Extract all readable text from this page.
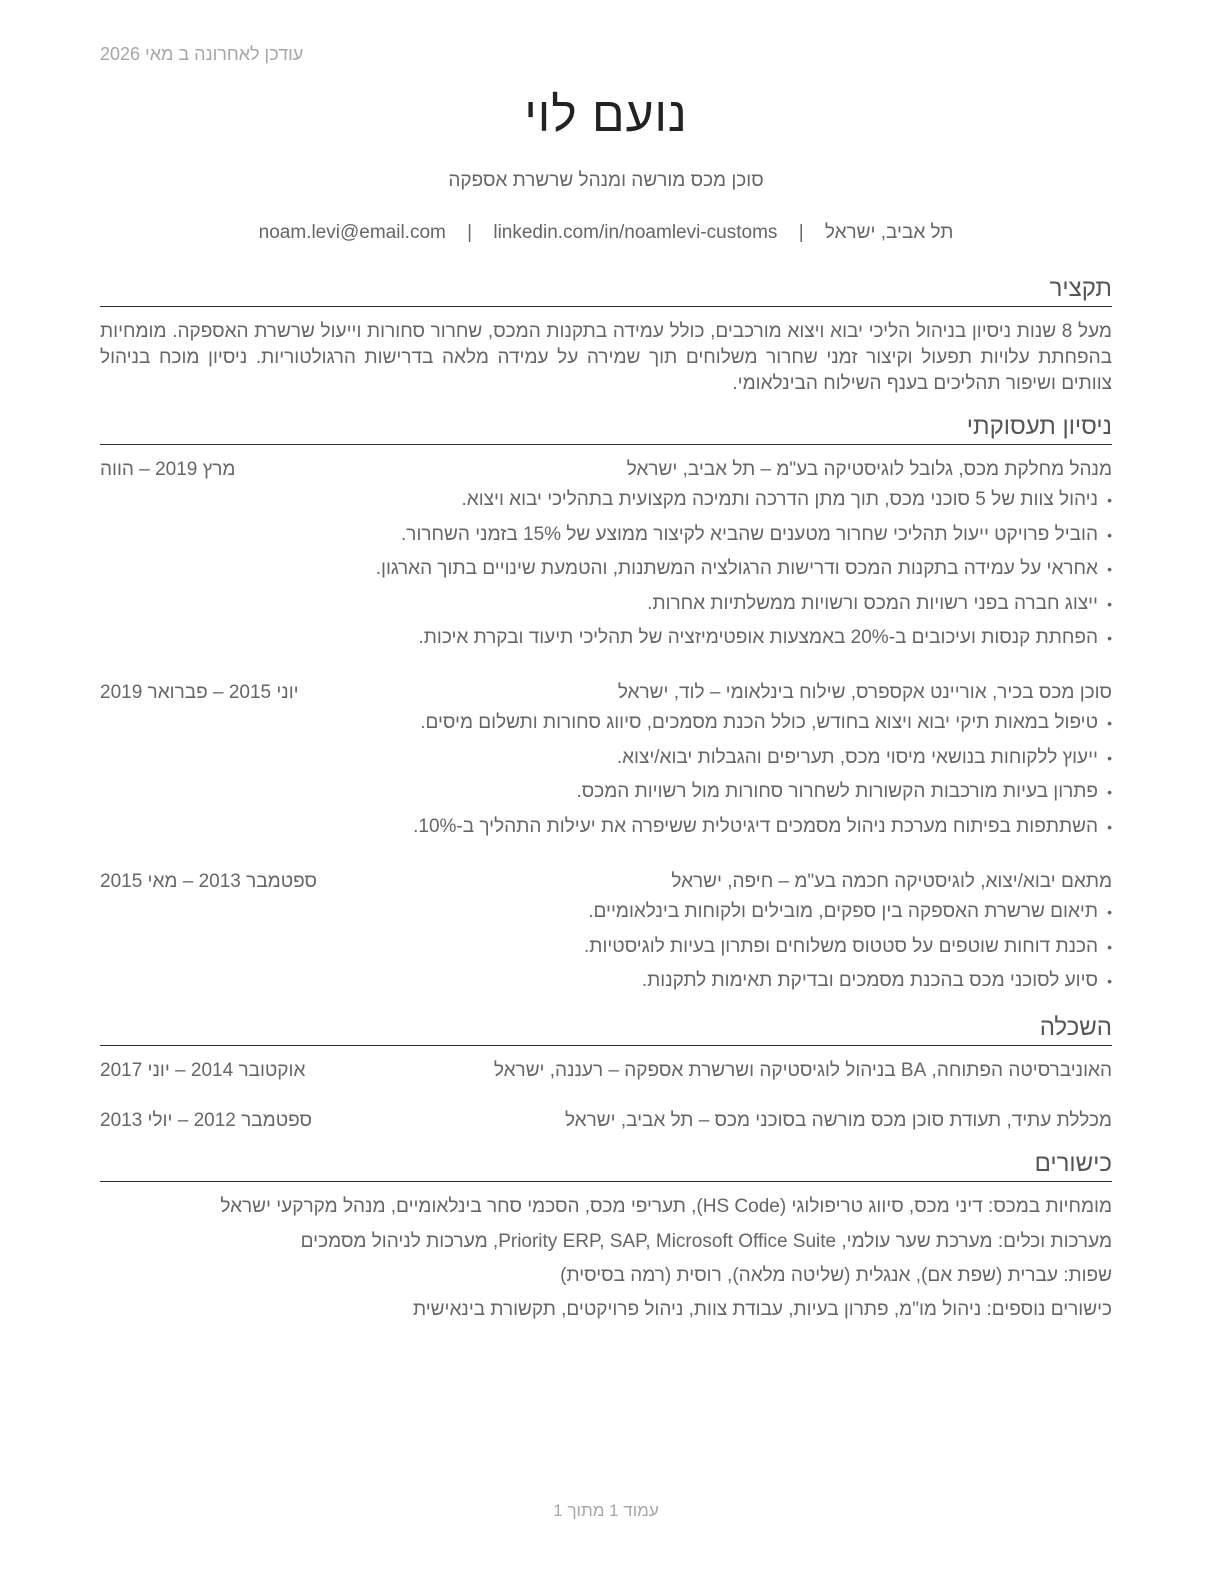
עודכן לאחרונה ב מאי 2026
נועם לוי
סוכן מכס מורשה ומנהל שרשרת אספקה
תל אביב, ישראל | noam.levi@email.com | linkedin.com/in/noamlevi-customs
תקציר
מעל 8 שנות ניסיון בניהול הליכי יבוא ויצוא מורכבים, כולל עמידה בתקנות המכס, שחרור סחורות וייעול שרשרת האספקה. מומחיות בהפחתת עלויות תפעול וקיצור זמני שחרור משלוחים תוך שמירה על עמידה מלאה בדרישות הרגולטוריות. ניסיון מוכח בניהול צוותים ושיפור תהליכים בענף השילוח הבינלאומי.
ניסיון תעסוקתי
מנהל מחלקת מכס, גלובל לוגיסטיקה בע"מ – תל אביב, ישראל
מרץ 2019 – הווה
• ניהול צוות של 5 סוכני מכס, תוך מתן הדרכה ותמיכה מקצועית בתהליכי יבוא ויצוא.
• הוביל פרויקט ייעול תהליכי שחרור מטענים שהביא לקיצור ממוצע של 15% בזמני השחרור.
• אחראי על עמידה בתקנות המכס ודרישות הרגולציה המשתנות, והטמעת שינויים בתוך הארגון.
• ייצוג חברה בפני רשויות המכס ורשויות ממשלתיות אחרות.
• הפחתת קנסות ועיכובים ב-20% באמצעות אופטימיזציה של תהליכי תיעוד ובקרת איכות.
סוכן מכס בכיר, אוריינט אקספרס, שילוח בינלאומי – לוד, ישראל
יוני 2015 – פברואר 2019
• טיפול במאות תיקי יבוא ויצוא בחודש, כולל הכנת מסמכים, סיווג סחורות ותשלום מיסים.
• ייעוץ ללקוחות בנושאי מיסוי מכס, תעריפים והגבלות יבוא/יצוא.
• פתרון בעיות מורכבות הקשורות לשחרור סחורות מול רשויות המכס.
• השתתפות בפיתוח מערכת ניהול מסמכים דיגיטלית ששיפרה את יעילות התהליך ב-10%.
מתאם יבוא/יצוא, לוגיסטיקה חכמה בע"מ – חיפה, ישראל
ספטמבר 2013 – מאי 2015
• תיאום שרשרת האספקה בין ספקים, מובילים ולקוחות בינלאומיים.
• הכנת דוחות שוטפים על סטטוס משלוחים ופתרון בעיות לוגיסטיות.
• סיוע לסוכני מכס בהכנת מסמכים ובדיקת תאימות לתקנות.
השכלה
האוניברסיטה הפתוחה, BA בניהול לוגיסטיקה ושרשרת אספקה – רעננה, ישראל
אוקטובר 2014 – יוני 2017
מכללת עתיד, תעודת סוכן מכס מורשה בסוכני מכס – תל אביב, ישראל
ספטמבר 2012 – יולי 2013
כישורים
מומחיות במכס: דיני מכס, סיווג טריפולוגי (HS Code), תעריפי מכס, הסכמי סחר בינלאומיים, מנהל מקרקעי ישראל
מערכות וכלים: מערכת שער עולמי, Priority ERP, SAP, Microsoft Office Suite, מערכות לניהול מסמכים
שפות: עברית (שפת אם), אנגלית (שליטה מלאה), רוסית (רמה בסיסית)
כישורים נוספים: ניהול מו"מ, פתרון בעיות, עבודת צוות, ניהול פרויקטים, תקשורת בינאישית
עמוד 1 מתוך 1
